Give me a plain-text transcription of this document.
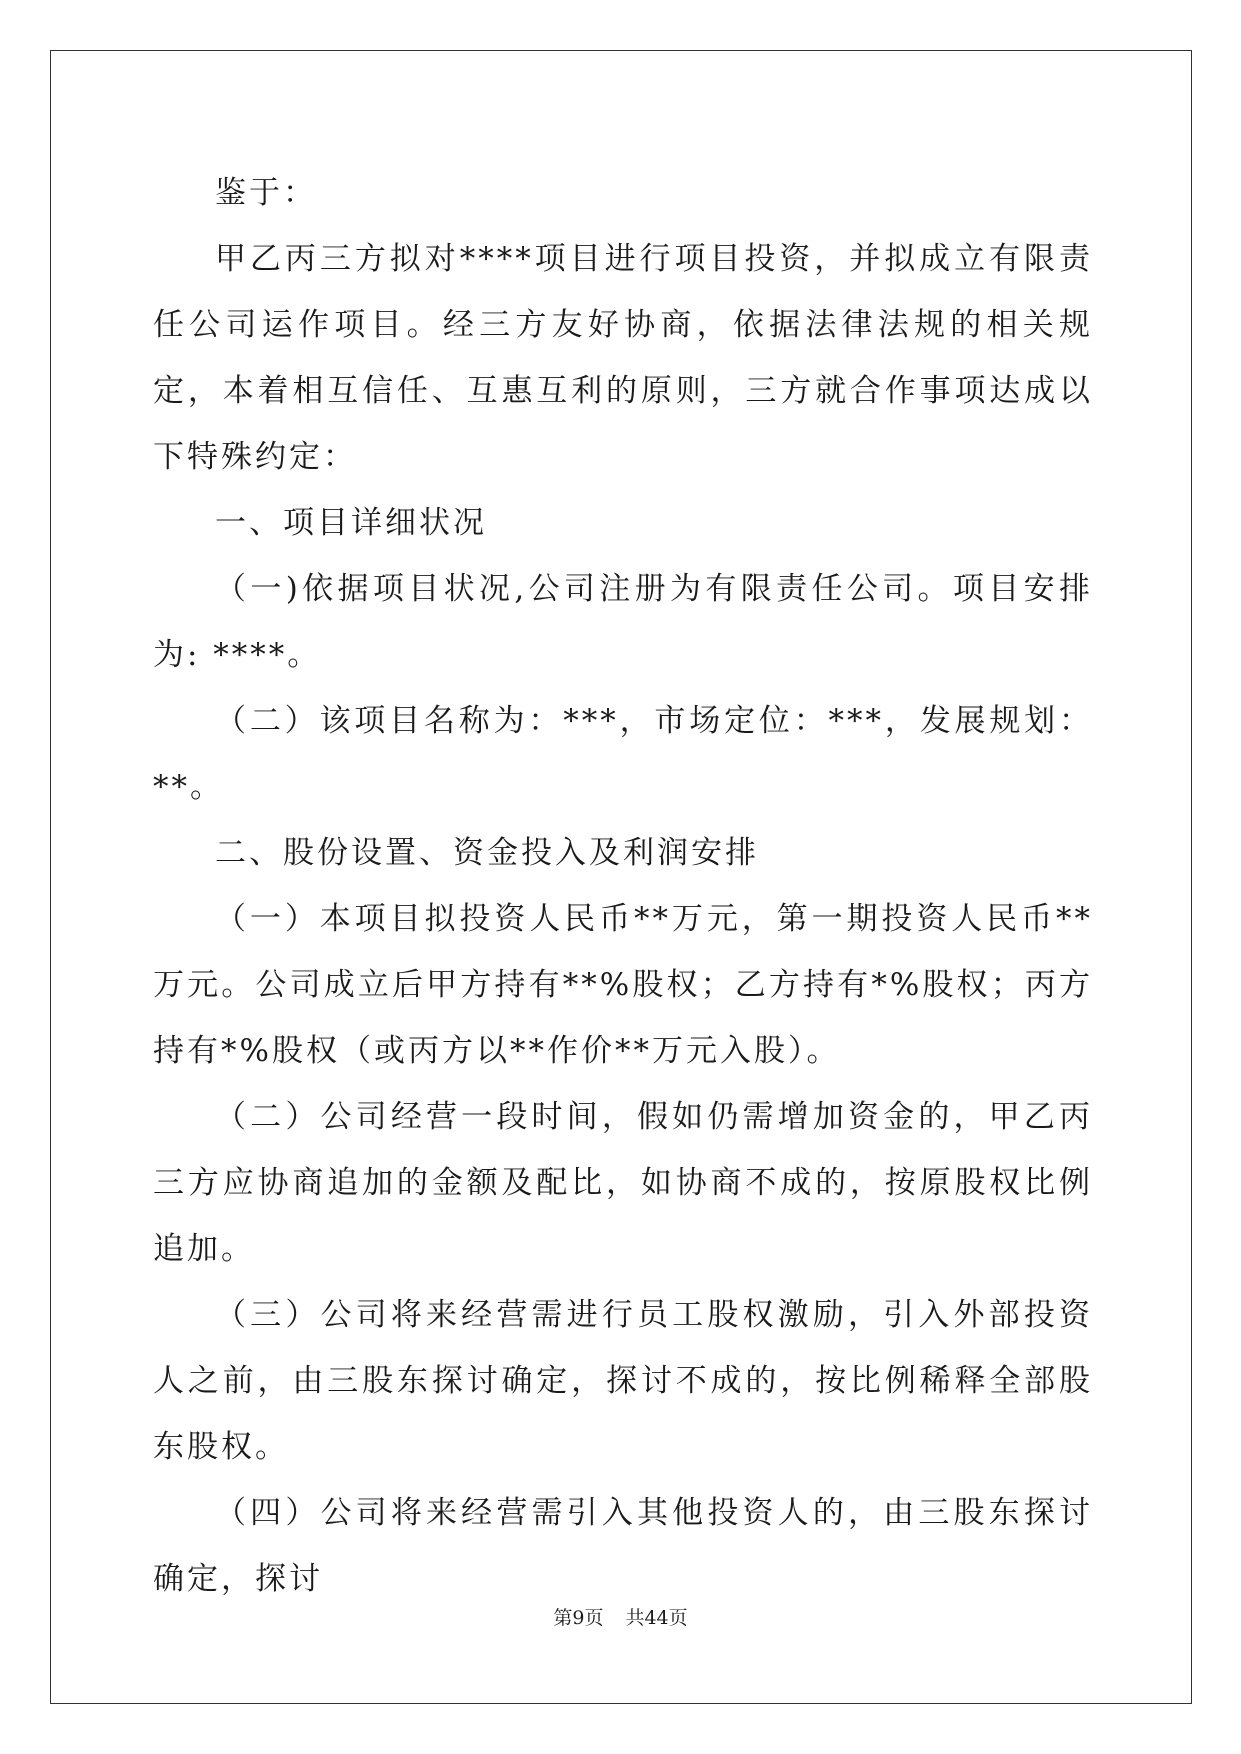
鉴于：

甲乙丙三方拟对****项目进行项目投资，并拟成立有限责任公司运作项目。经三方友好协商，依据法律法规的相关规定，本着相互信任、互惠互利的原则，三方就合作事项达成以下特殊约定：

一、项目详细状况

（一)依据项目状况,公司注册为有限责任公司。项目安排为: ****。

（二）该项目名称为：***，市场定位：***，发展规划：**。

二、股份设置、资金投入及利润安排

（一）本项目拟投资人民币**万元，第一期投资人民币**万元。公司成立后甲方持有**%股权；乙方持有*%股权；丙方持有*%股权（或丙方以**作价**万元入股）。

（二）公司经营一段时间，假如仍需增加资金的，甲乙丙三方应协商追加的金额及配比，如协商不成的，按原股权比例追加。

（三）公司将来经营需进行员工股权激励，引入外部投资人之前，由三股东探讨确定，探讨不成的，按比例稀释全部股东股权。

（四）公司将来经营需引入其他投资人的，由三股东探讨确定，探讨

第9页 共44页
